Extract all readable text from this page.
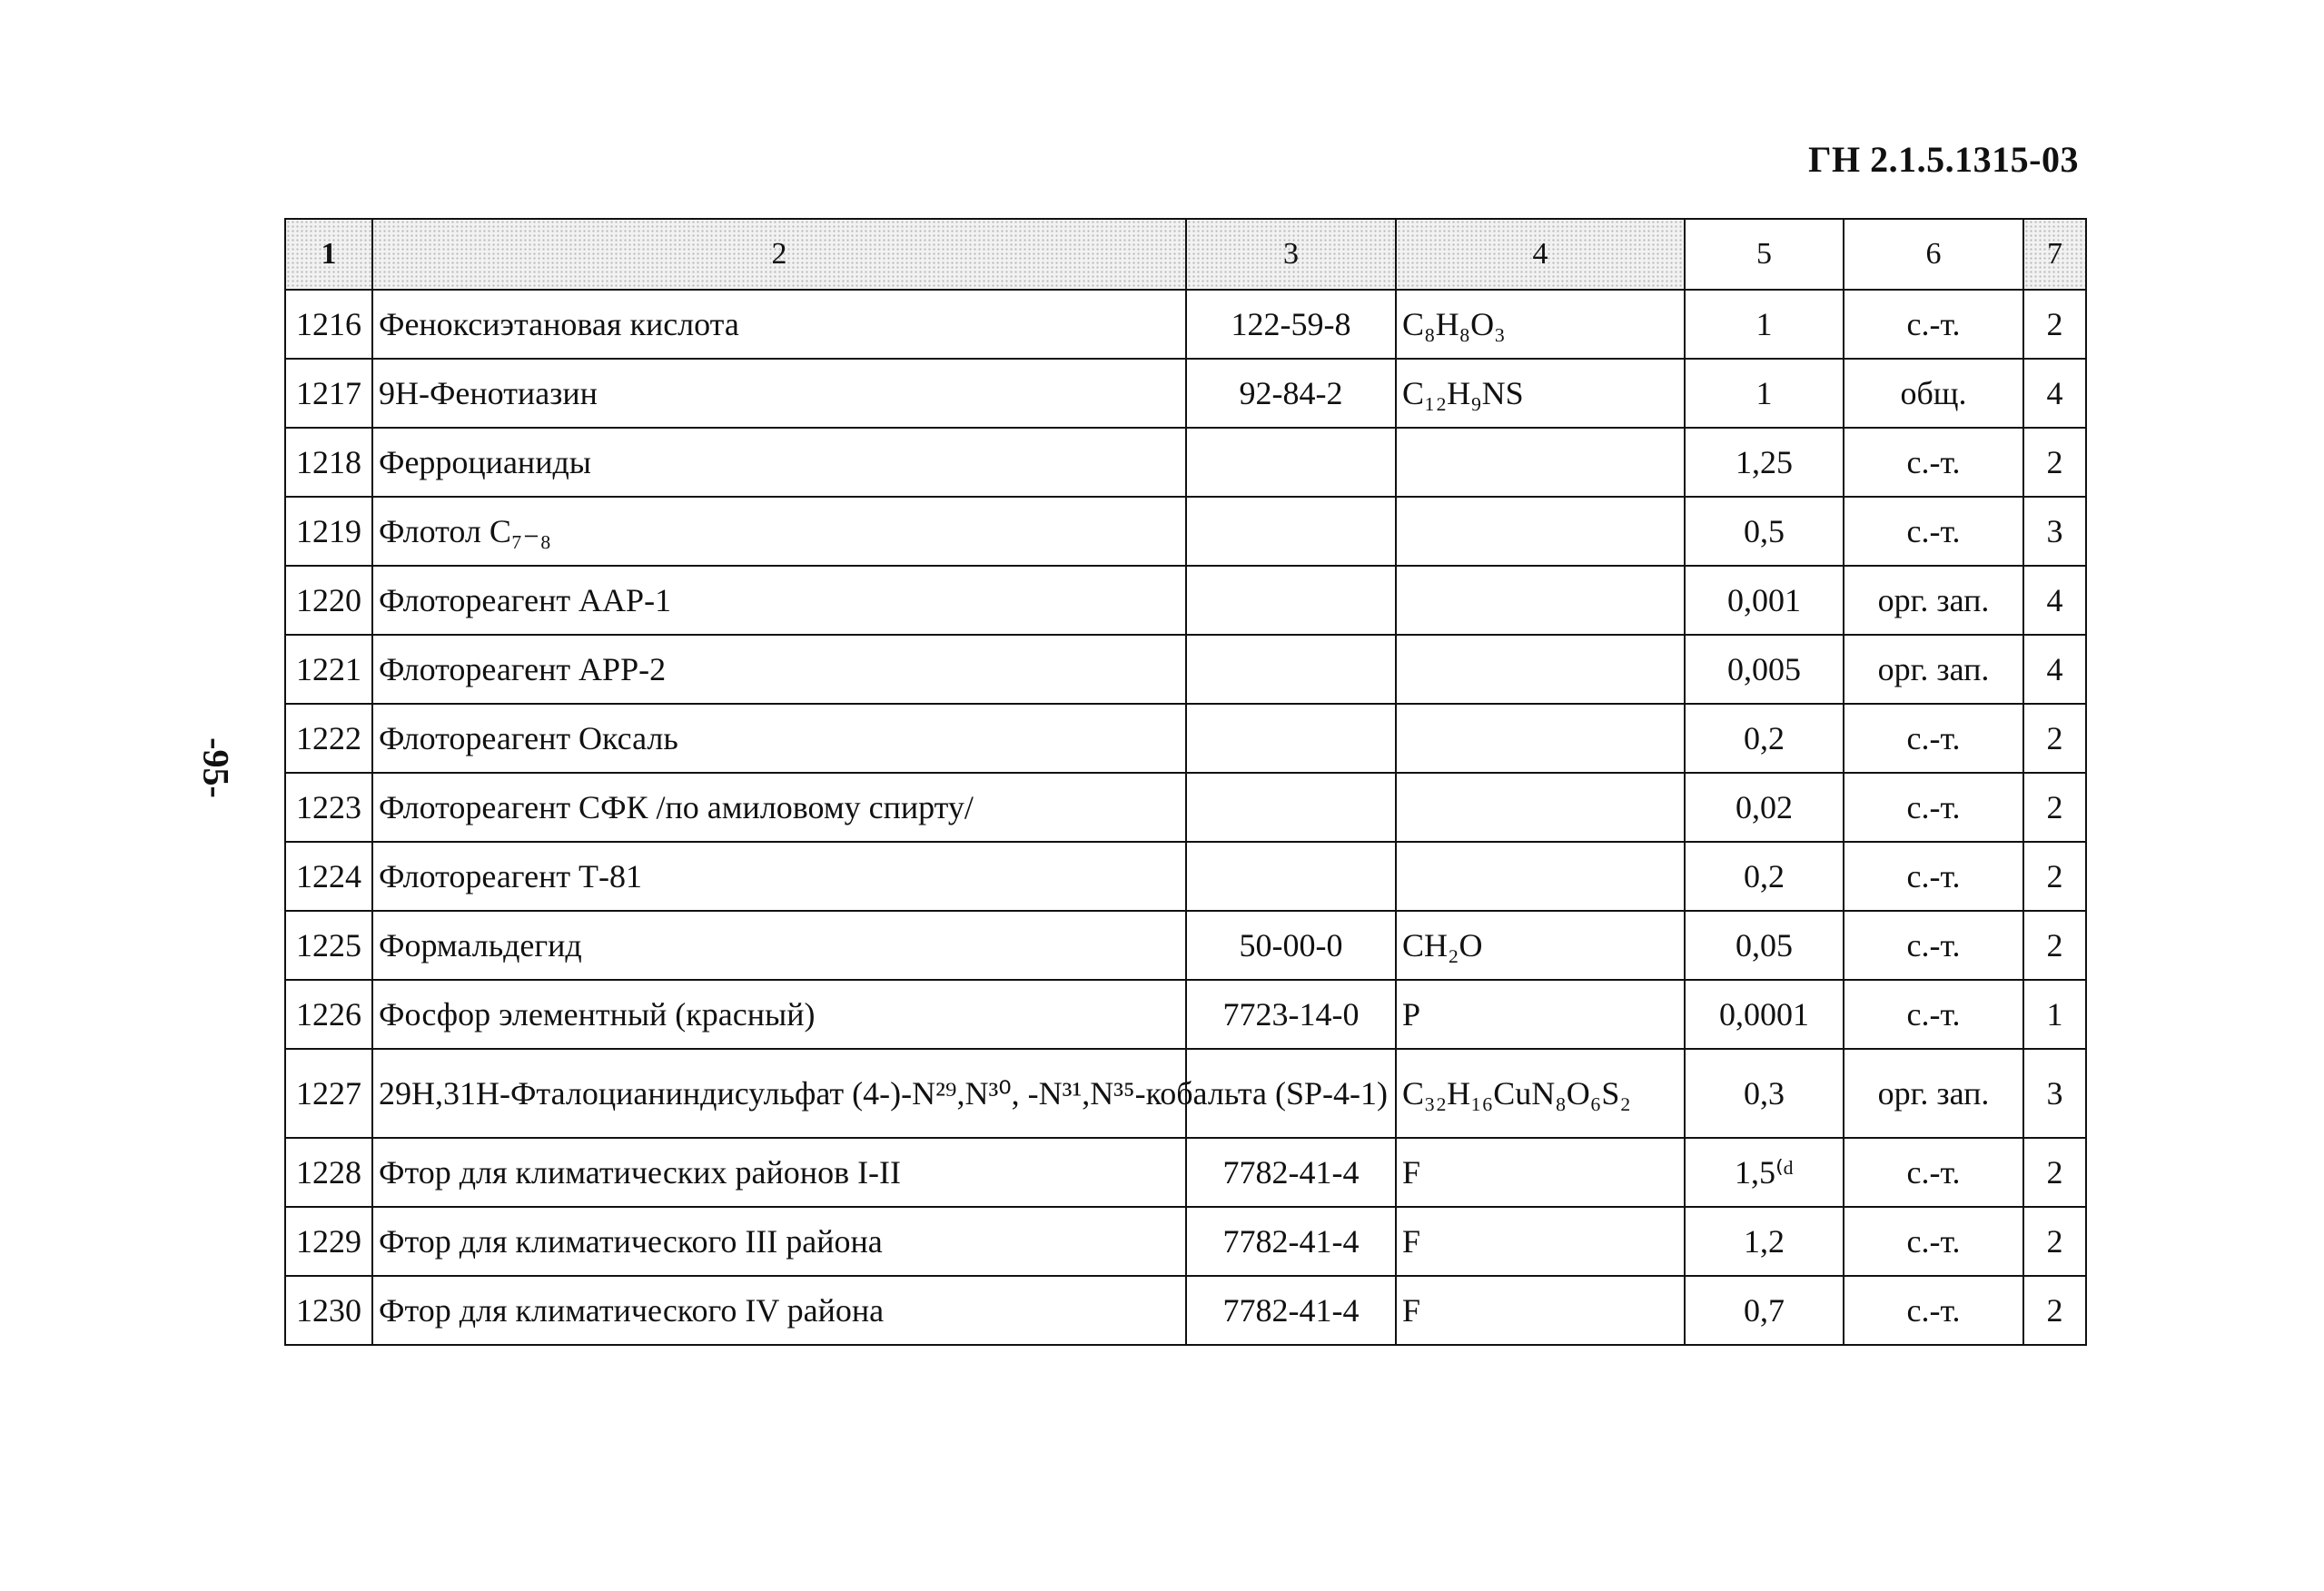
ГН 2.1.5.1315-03
-95-
1	2	3	4	5	6	7
1216	Феноксиэтановая кислота	122-59-8	C₈H₈O₃	1	с.-т.	2
1217	9H-Фенотиазин	92-84-2	C₁₂H₉NS	1	общ.	4
1218	Ферроцианиды			1,25	с.-т.	2
1219	Флотол C₇₋₈			0,5	с.-т.	3
1220	Флотореагент ААР-1			0,001	орг. зап.	4
1221	Флотореагент АРР-2			0,005	орг. зап.	4
1222	Флотореагент Оксаль			0,2	с.-т.	2
1223	Флотореагент СФК /по амиловому спирту/			0,02	с.-т.	2
1224	Флотореагент Т-81			0,2	с.-т.	2
1225	Формальдегид	50-00-0	CH₂O	0,05	с.-т.	2
1226	Фосфор элементный (красный)	7723-14-0	P	0,0001	с.-т.	1
1227	29H,31H-Фталоцианиндисульфат (4-)-N²⁹,N³⁰, -N³¹,N³⁵-кобальта (SP-4-1)		C₃₂H₁₆CuN₈O₆S₂	0,3	орг. зап.	3
1228	Фтор для климатических районов I-II	7782-41-4	F	1,5⁽ᵈ	с.-т.	2
1229	Фтор для климатического III района	7782-41-4	F	1,2	с.-т.	2
1230	Фтор для климатического IV района	7782-41-4	F	0,7	с.-т.	2
